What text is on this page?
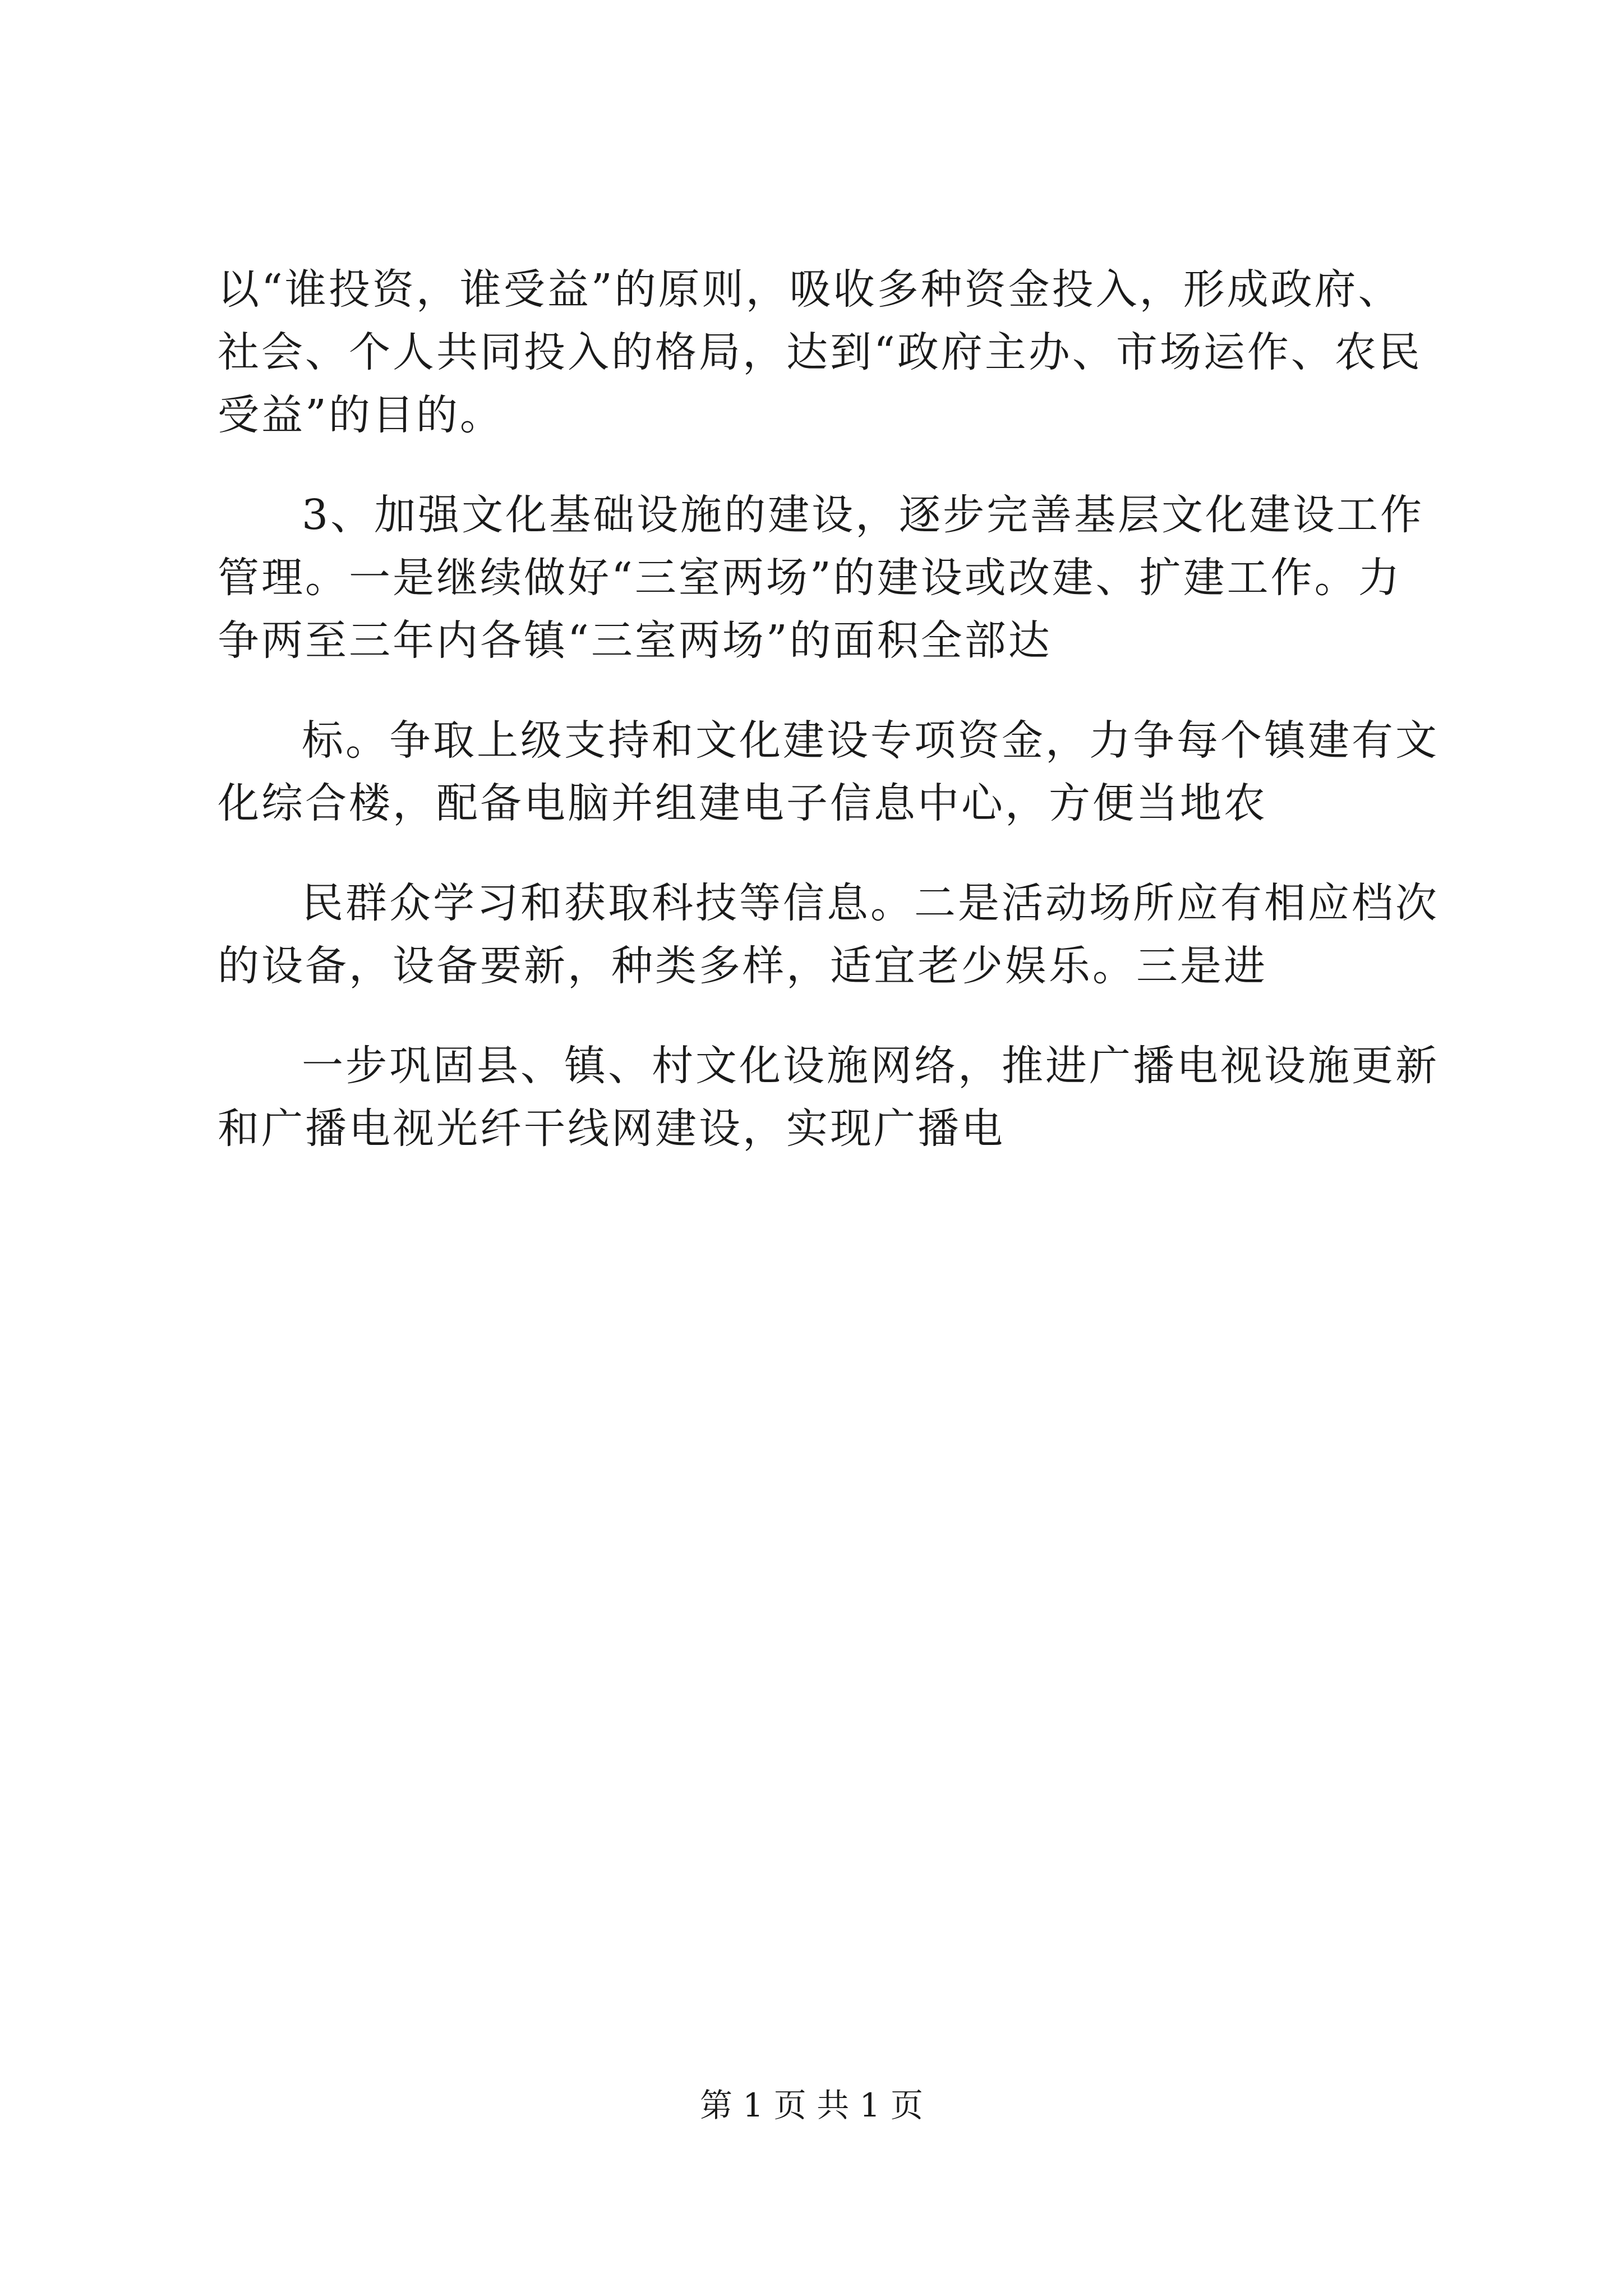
以“谁投资，谁受益”的原则，吸收多种资金投入，形成政府、
社会、个人共同投入的格局，达到“政府主办、市场运作、农民
受益”的目的。
3、加强文化基础设施的建设，逐步完善基层文化建设工作
管理。一是继续做好“三室两场”的建设或改建、扩建工作。力
争两至三年内各镇“三室两场”的面积全部达
标。争取上级支持和文化建设专项资金，力争每个镇建有文
化综合楼，配备电脑并组建电子信息中心，方便当地农
民群众学习和获取科技等信息。二是活动场所应有相应档次
的设备，设备要新，种类多样，适宜老少娱乐。三是进
一步巩固县、镇、村文化设施网络，推进广播电视设施更新
和广播电视光纤干线网建设，实现广播电
第 1 页 共 1 页
